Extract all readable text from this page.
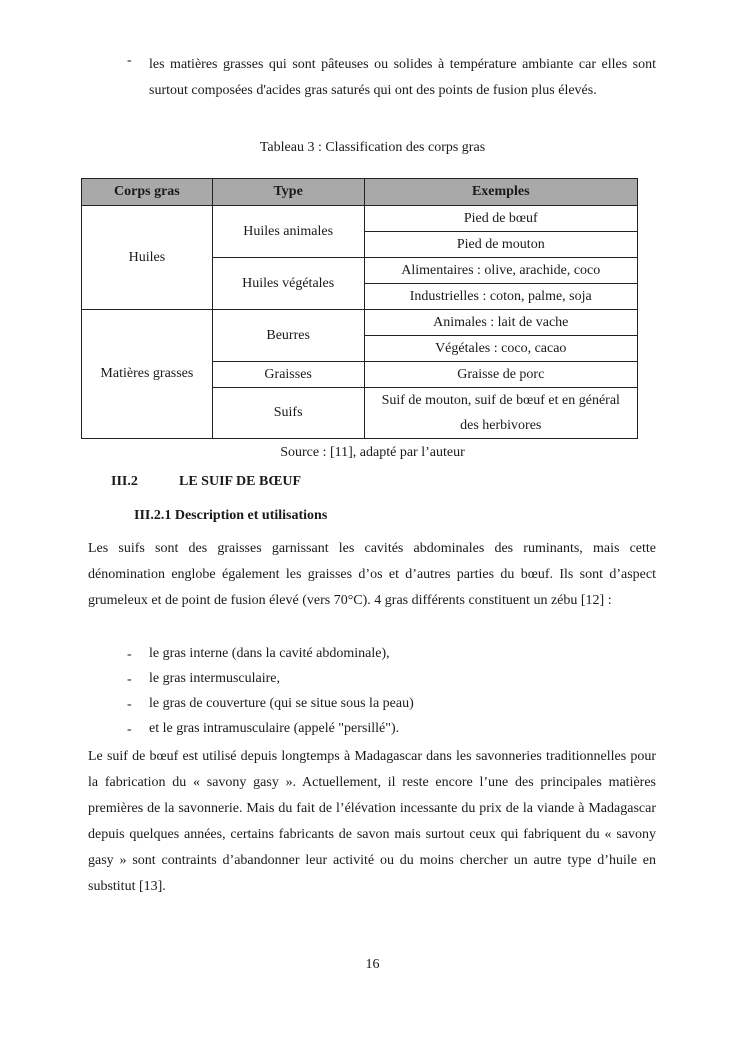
- les matières grasses qui sont pâteuses ou solides à température ambiante car elles sont surtout composées d'acides gras saturés qui ont des points de fusion plus élevés.
Tableau 3 : Classification des corps gras
Corps gras	Type	Exemples
Huiles	Huiles animales	Pied de bœuf
		Pied de mouton
	Huiles végétales	Alimentaires : olive, arachide, coco
		Industrielles : coton, palme, soja
Matières grasses	Beurres	Animales : lait de vache
		Végétales : coco, cacao
	Graisses	Graisse de porc
	Suifs	Suif de mouton, suif de bœuf et en général
		des herbivores
Source : [11], adapté par l’auteur
III.2	LE SUIF DE BŒUF
III.2.1 Description et utilisations
Les suifs sont des graisses garnissant les cavités abdominales des ruminants, mais cette dénomination englobe également les graisses d’os et d’autres parties du bœuf. Ils sont d’aspect grumeleux et de point de fusion élevé (vers 70°C). 4 gras différents constituent un zébu [12] :
- le gras interne (dans la cavité abdominale),
- le gras intermusculaire,
- le gras de couverture (qui se situe sous la peau)
- et le gras intramusculaire (appelé "persillé").
Le suif de bœuf est utilisé depuis longtemps à Madagascar dans les savonneries traditionnelles pour la fabrication du « savony gasy ». Actuellement, il reste encore l’une des principales matières premières de la savonnerie. Mais du fait de l’élévation incessante du prix de la viande à Madagascar depuis quelques années, certains fabricants de savon mais surtout ceux qui fabriquent du « savony gasy » sont contraints d’abandonner leur activité ou du moins chercher un autre type d’huile en substitut [13].
16
